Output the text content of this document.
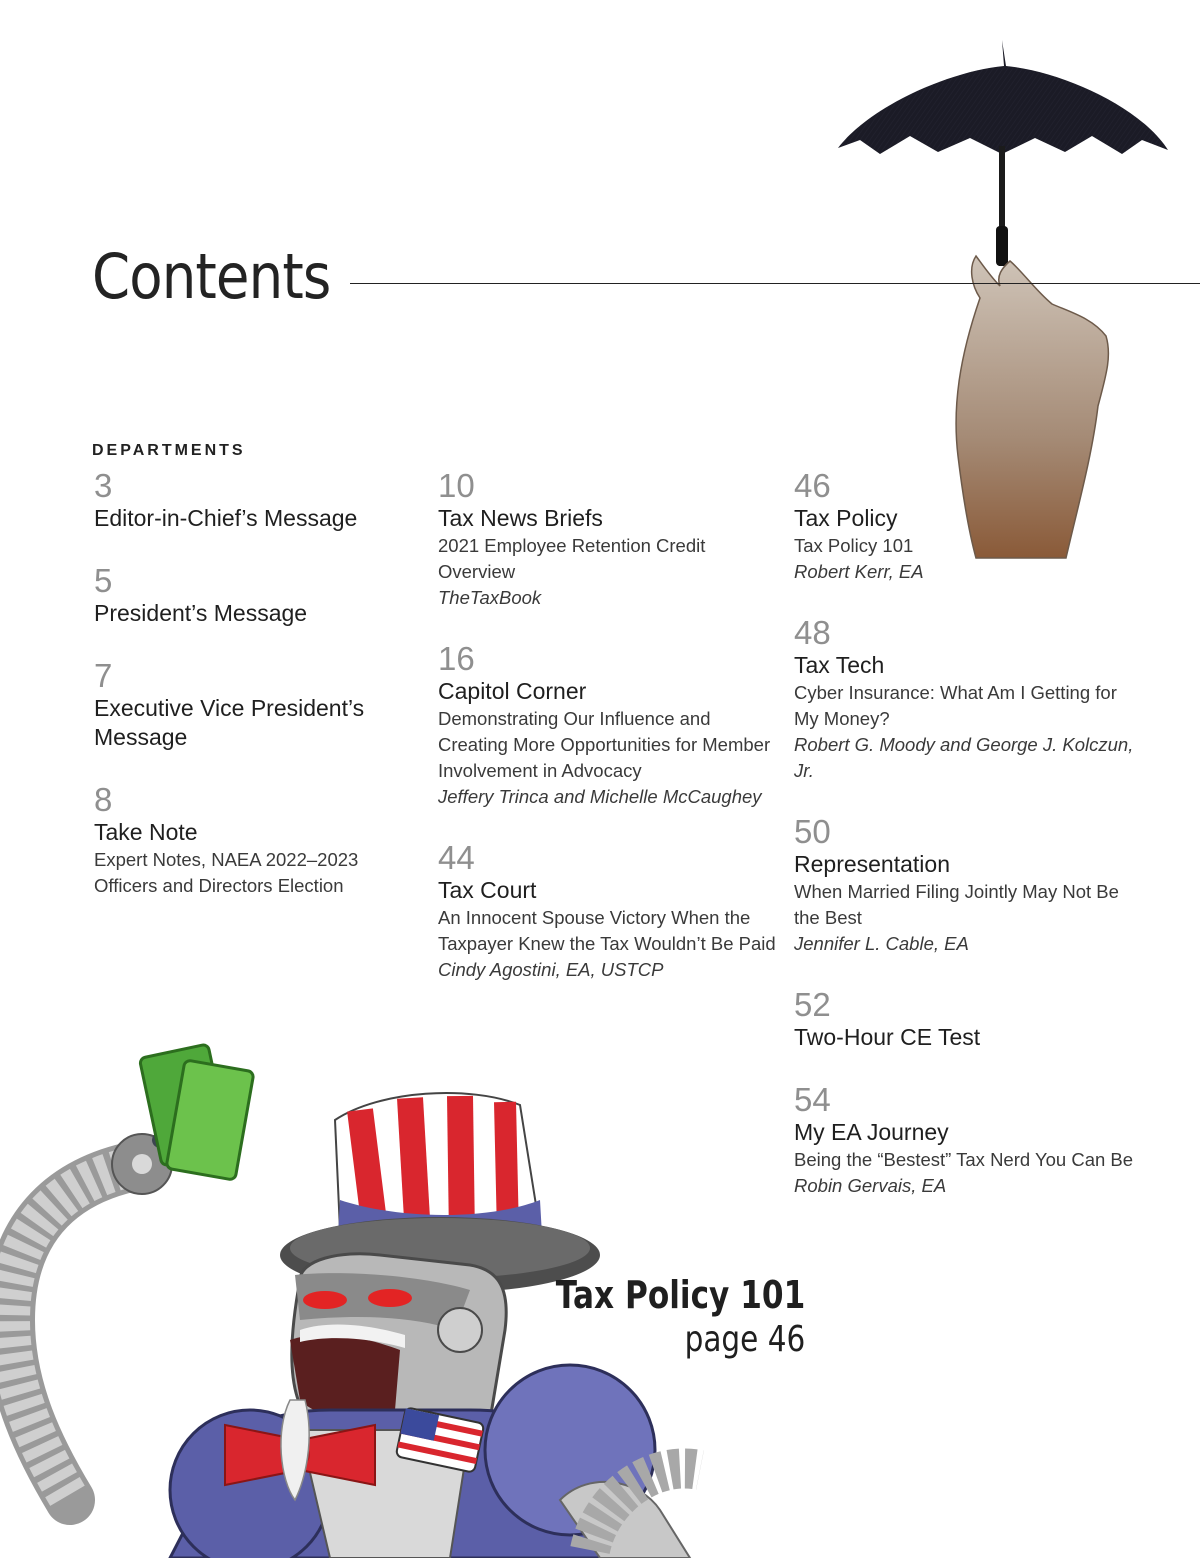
Contents
DEPARTMENTS
3
Editor-in-Chief’s Message
5
President’s Message
7
Executive Vice President’s Message
8
Take Note
Expert Notes, NAEA 2022–2023 Officers and Directors Election
10
Tax News Briefs
2021 Employee Retention Credit Overview
TheTaxBook
16
Capitol Corner
Demonstrating Our Influence and Creating More Opportunities for Member Involvement in Advocacy
Jeffery Trinca and Michelle McCaughey
44
Tax Court
An Innocent Spouse Victory When the Taxpayer Knew the Tax Wouldn’t Be Paid
Cindy Agostini, EA, USTCP
46
Tax Policy
Tax Policy 101
Robert Kerr, EA
48
Tax Tech
Cyber Insurance: What Am I Getting for My Money?
Robert G. Moody and George J. Kolczun, Jr.
50
Representation
When Married Filing Jointly May Not Be the Best
Jennifer L. Cable, EA
52
Two-Hour CE Test
54
My EA Journey
Being the “Bestest” Tax Nerd You Can Be
Robin Gervais, EA
Tax Policy 101
page 46
